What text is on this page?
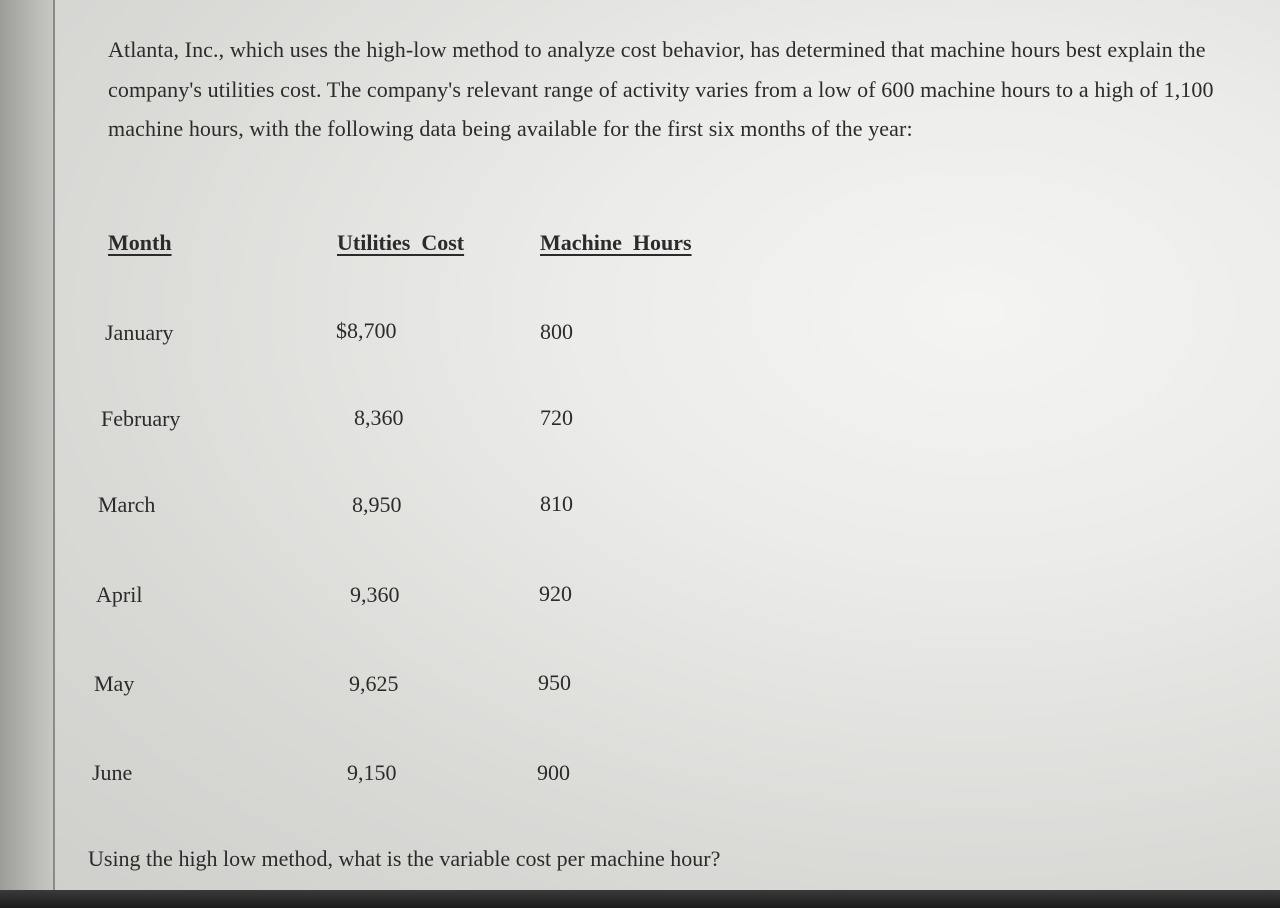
Atlanta, Inc., which uses the high-low method to analyze cost behavior, has determined that machine hours best explain the company's utilities cost. The company's relevant range of activity varies from a low of 600 machine hours to a high of 1,100 machine hours, with the following data being available for the first six months of the year:

Month	Utilities  Cost	Machine  Hours
January	$8,700	800
February	8,360	720
March	8,950	810
April	9,360	920
May	9,625	950
June	9,150	900

Using the high low method, what is the variable cost per machine hour?
